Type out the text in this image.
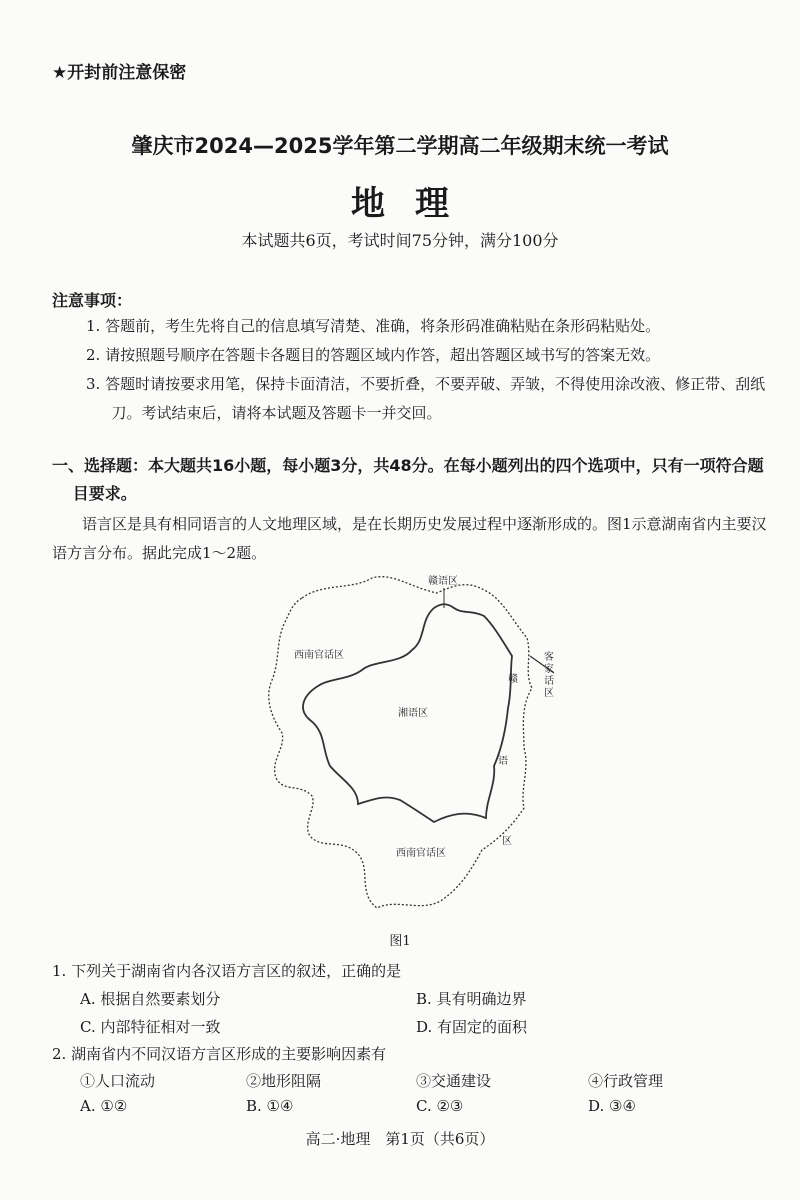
★开封前注意保密
肇庆市2024—2025学年第二学期高二年级期末统一考试
地理
本试题共6页，考试时间75分钟，满分100分
注意事项：
1. 答题前，考生先将自己的信息填写清楚、准确，将条形码准确粘贴在条形码粘贴处。
2. 请按照题号顺序在答题卡各题目的答题区域内作答，超出答题区域书写的答案无效。
3. 答题时请按要求用笔，保持卡面清洁，不要折叠，不要弄破、弄皱，不得使用涂改液、修正带、刮纸刀。考试结束后，请将本试题及答题卡一并交回。
一、选择题：本大题共16小题，每小题3分，共48分。在每小题列出的四个选项中，只有一项符合题目要求。
语言区是具有相同语言的人文地理区域，是在长期历史发展过程中逐渐形成的。图1示意湖南省内主要汉语方言分布。据此完成1～2题。
赣语区
西南官话区	客
家
话
区
赣
湘语区
语
区
西南官话区
图1
1. 下列关于湖南省内各汉语方言区的叙述，正确的是
A. 根据自然要素划分	B. 具有明确边界
C. 内部特征相对一致	D. 有固定的面积
2. 湖南省内不同汉语方言区形成的主要影响因素有
①人口流动	②地形阻隔	③交通建设	④行政管理
A. ①②	B. ①④	C. ②③	D. ③④
高二·地理　第1页（共6页）
